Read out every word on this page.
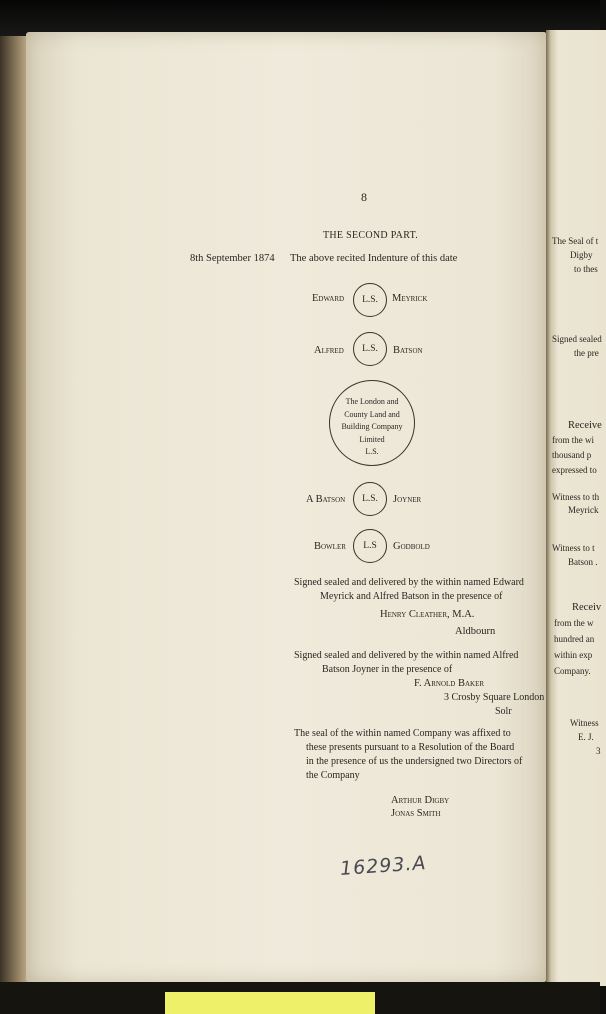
The Seal of t
Digby
to thes
Signed sealed
the pre
Receive
from the wi
thousand p
expressed to
Witness to th
Meyrick
Witness to t
Batson .
Receiv
from the w
hundred an
within exp
Company.
Witness
E. J.
3
8
THE SECOND PART.
8th September 1874 The above recited Indenture of this date
Edward L.S. Meyrick
Alfred L.S. Batson
The London and
County Land and
Building Company
Limited
L.S.
A Batson L.S. Joyner
Bowler L.S Godbold
Signed sealed and delivered by the within named Edward
Meyrick and Alfred Batson in the presence of
Henry Cleather, M.A.
Aldbourn
Signed sealed and delivered by the within named Alfred
Batson Joyner in the presence of
F. Arnold Baker
3 Crosby Square London
Solr
The seal of the within named Company was affixed to
these presents pursuant to a Resolution of the Board
in the presence of us the undersigned two Directors of
the Company
Arthur Digby
Jonas Smith
16293.A
